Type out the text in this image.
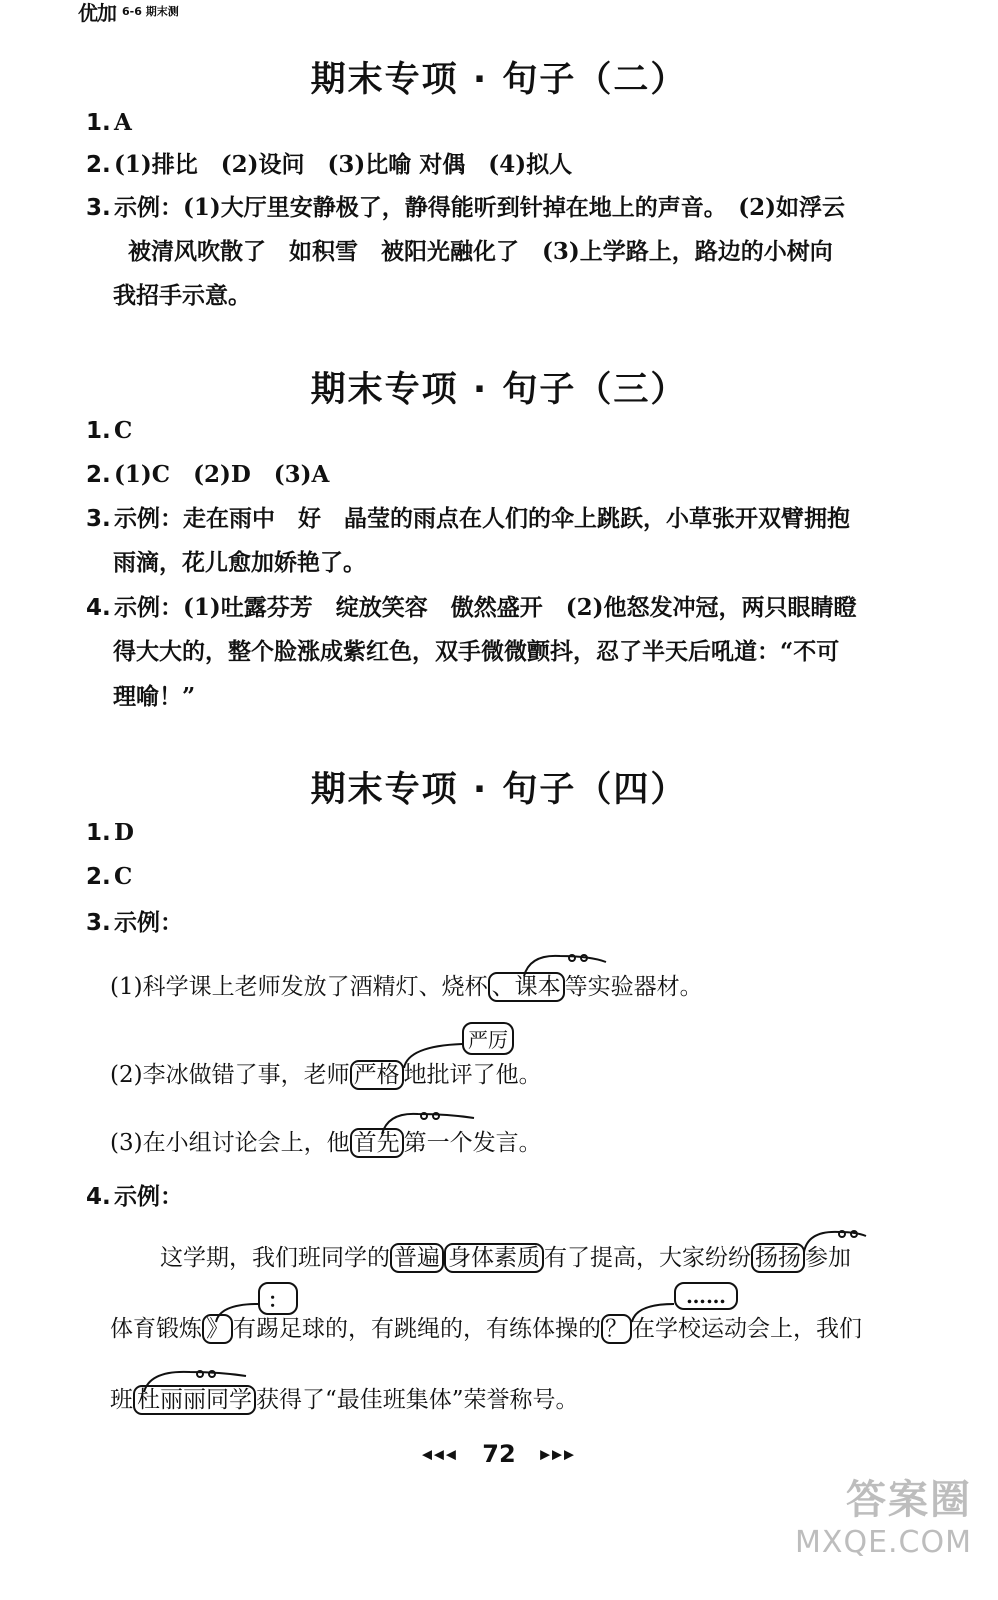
优加 6-6 期末测
期末专项 · 句子（二）
1. A
2. (1)排比　(2)设问　(3)比喻 对偶　(4)拟人
3. 示例：(1)大厅里安静极了，静得能听到针掉在地上的声音。　(2)如浮云
被清风吹散了　如积雪　被阳光融化了　(3)上学路上，路边的小树向
我招手示意。
期末专项 · 句子（三）
1. C
2. (1)C　(2)D　(3)A
3. 示例：走在雨中　好　晶莹的雨点在人们的伞上跳跃，小草张开双臂拥抱
雨滴，花儿愈加娇艳了。
4. 示例：(1)吐露芬芳　绽放笑容　傲然盛开　(2)他怒发冲冠，两只眼睛瞪
得大大的，整个脸涨成紫红色，双手微微颤抖，忍了半天后吼道：“不可
理喻！”
期末专项 · 句子（四）
1. D
2. C
3. 示例：
(1)科学课上老师发放了酒精灯、烧杯 、课本 等实验器材。
严厉
(2)李冰做错了事，老师 严格 地批评了他。
(3)在小组讨论会上，他 首先 第一个发言。
4. 示例：
这学期，我们班同学的 普遍 身体素质 有了提高，大家纷纷 扬扬 参加
：	……
体育锻炼 》 有踢足球的，有跳绳的，有练体操的 ？ 在学校运动会上，我们
班 杜丽丽同学 获得了“最佳班集体”荣誉称号。
◀◀◀ 72 ▶▶▶
答案圈
MXQE.COM
